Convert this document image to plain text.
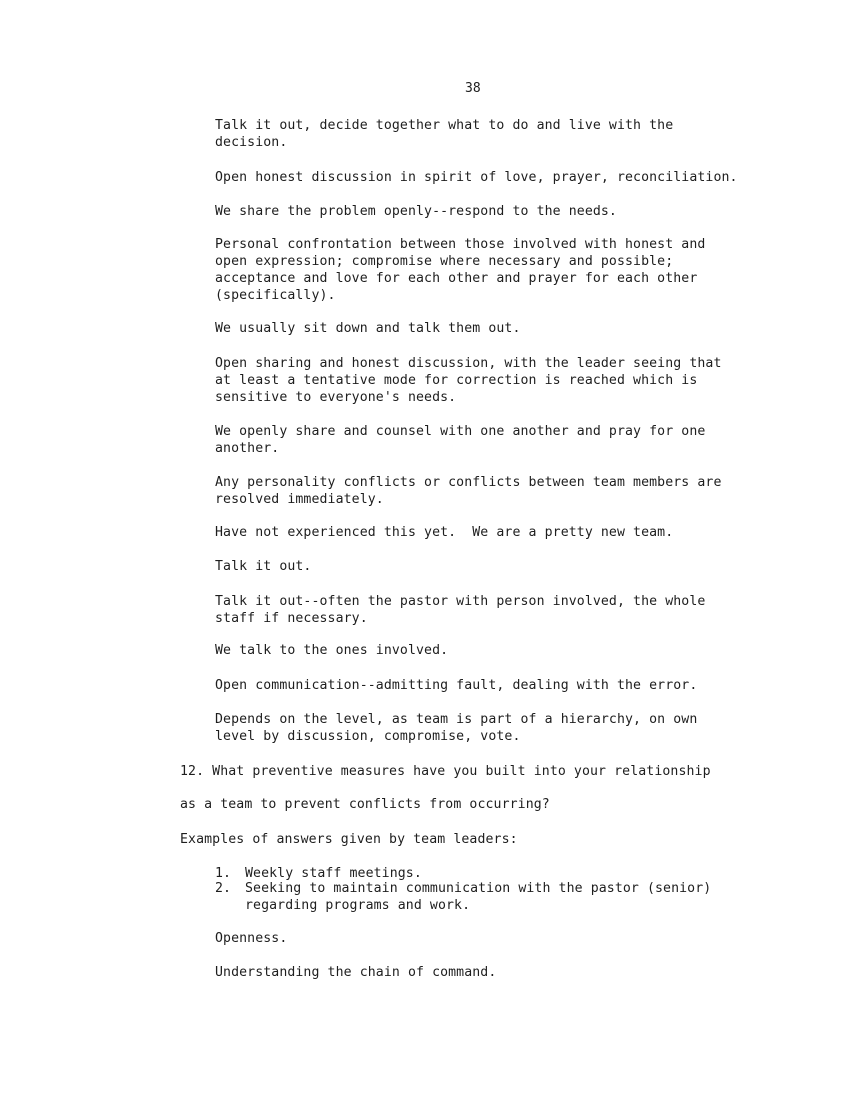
38

Talk it out, decide together what to do and live with the
decision.

Open honest discussion in spirit of love, prayer, reconciliation.

We share the problem openly--respond to the needs.

Personal confrontation between those involved with honest and
open expression; compromise where necessary and possible;
acceptance and love for each other and prayer for each other
(specifically).

We usually sit down and talk them out.

Open sharing and honest discussion, with the leader seeing that
at least a tentative mode for correction is reached which is
sensitive to everyone's needs.

We openly share and counsel with one another and pray for one
another.

Any personality conflicts or conflicts between team members are
resolved immediately.

Have not experienced this yet.  We are a pretty new team.

Talk it out.

Talk it out--often the pastor with person involved, the whole
staff if necessary.

We talk to the ones involved.

Open communication--admitting fault, dealing with the error.

Depends on the level, as team is part of a hierarchy, on own
level by discussion, compromise, vote.

12. What preventive measures have you built into your relationship

as a team to prevent conflicts from occurring?

Examples of answers given by team leaders:

1. Weekly staff meetings.

2. Seeking to maintain communication with the pastor (senior)
regarding programs and work.

Openness.

Understanding the chain of command.
